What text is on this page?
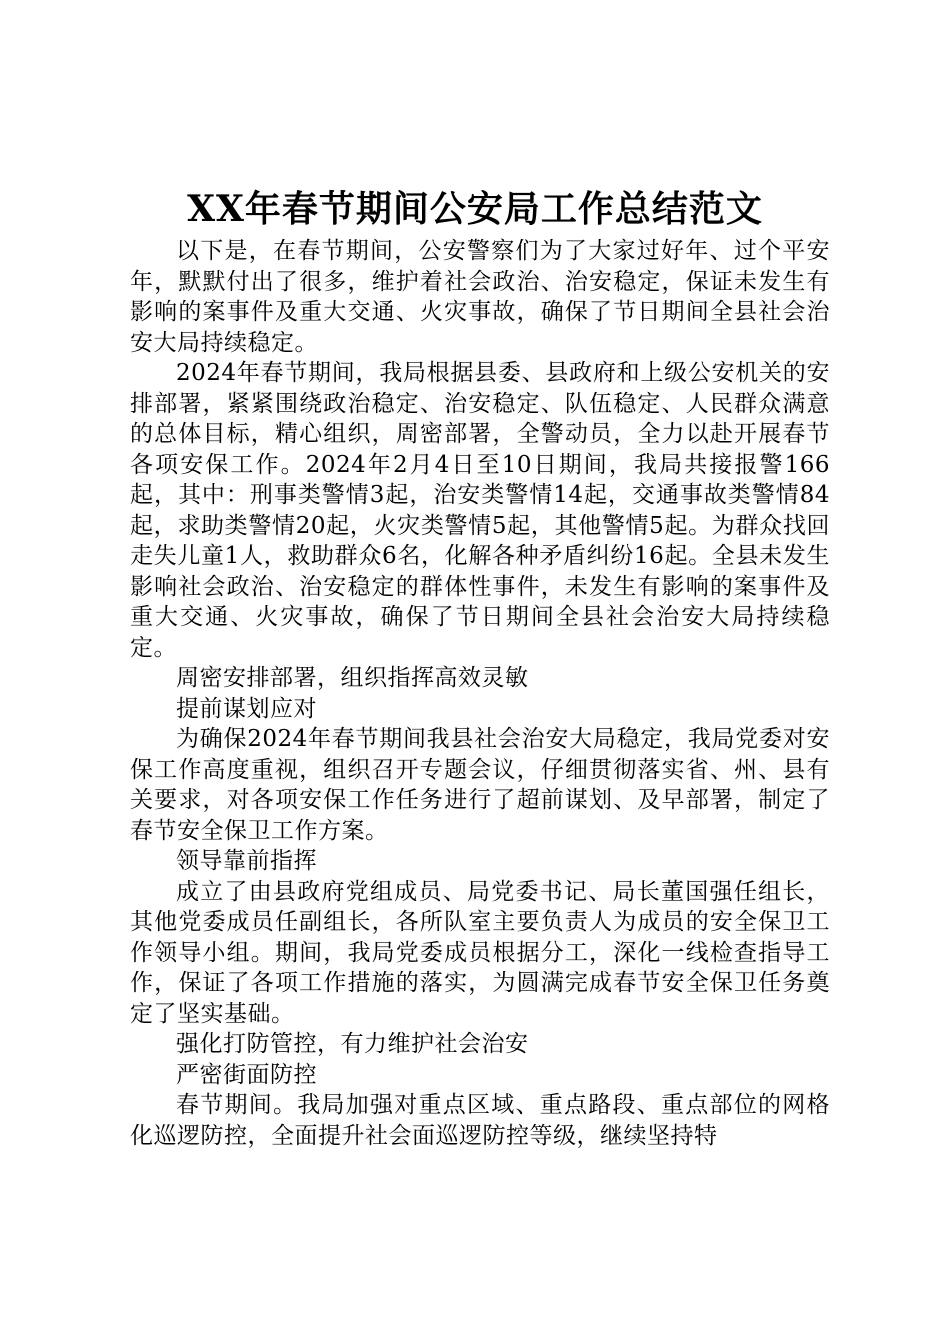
XX年春节期间公安局工作总结范文

以下是，在春节期间，公安警察们为了大家过好年、过个平安年，默默付出了很多，维护着社会政治、治安稳定，保证未发生有影响的案事件及重大交通、火灾事故，确保了节日期间全县社会治安大局持续稳定。

2024年春节期间，我局根据县委、县政府和上级公安机关的安排部署，紧紧围绕政治稳定、治安稳定、队伍稳定、人民群众满意的总体目标，精心组织，周密部署，全警动员，全力以赴开展春节各项安保工作。2024年2月4日至10日期间，我局共接报警166起，其中：刑事类警情3起，治安类警情14起，交通事故类警情84起，求助类警情20起，火灾类警情5起，其他警情5起。为群众找回走失儿童1人，救助群众6名，化解各种矛盾纠纷16起。全县未发生影响社会政治、治安稳定的群体性事件，未发生有影响的案事件及重大交通、火灾事故，确保了节日期间全县社会治安大局持续稳定。

周密安排部署，组织指挥高效灵敏

提前谋划应对

为确保2024年春节期间我县社会治安大局稳定，我局党委对安保工作高度重视，组织召开专题会议，仔细贯彻落实省、州、县有关要求，对各项安保工作任务进行了超前谋划、及早部署，制定了春节安全保卫工作方案。

领导靠前指挥

成立了由县政府党组成员、局党委书记、局长董国强任组长，其他党委成员任副组长，各所队室主要负责人为成员的安全保卫工作领导小组。期间，我局党委成员根据分工，深化一线检查指导工作，保证了各项工作措施的落实，为圆满完成春节安全保卫任务奠定了坚实基础。

强化打防管控，有力维护社会治安

严密街面防控

春节期间。我局加强对重点区域、重点路段、重点部位的网格化巡逻防控，全面提升社会面巡逻防控等级，继续坚持特
